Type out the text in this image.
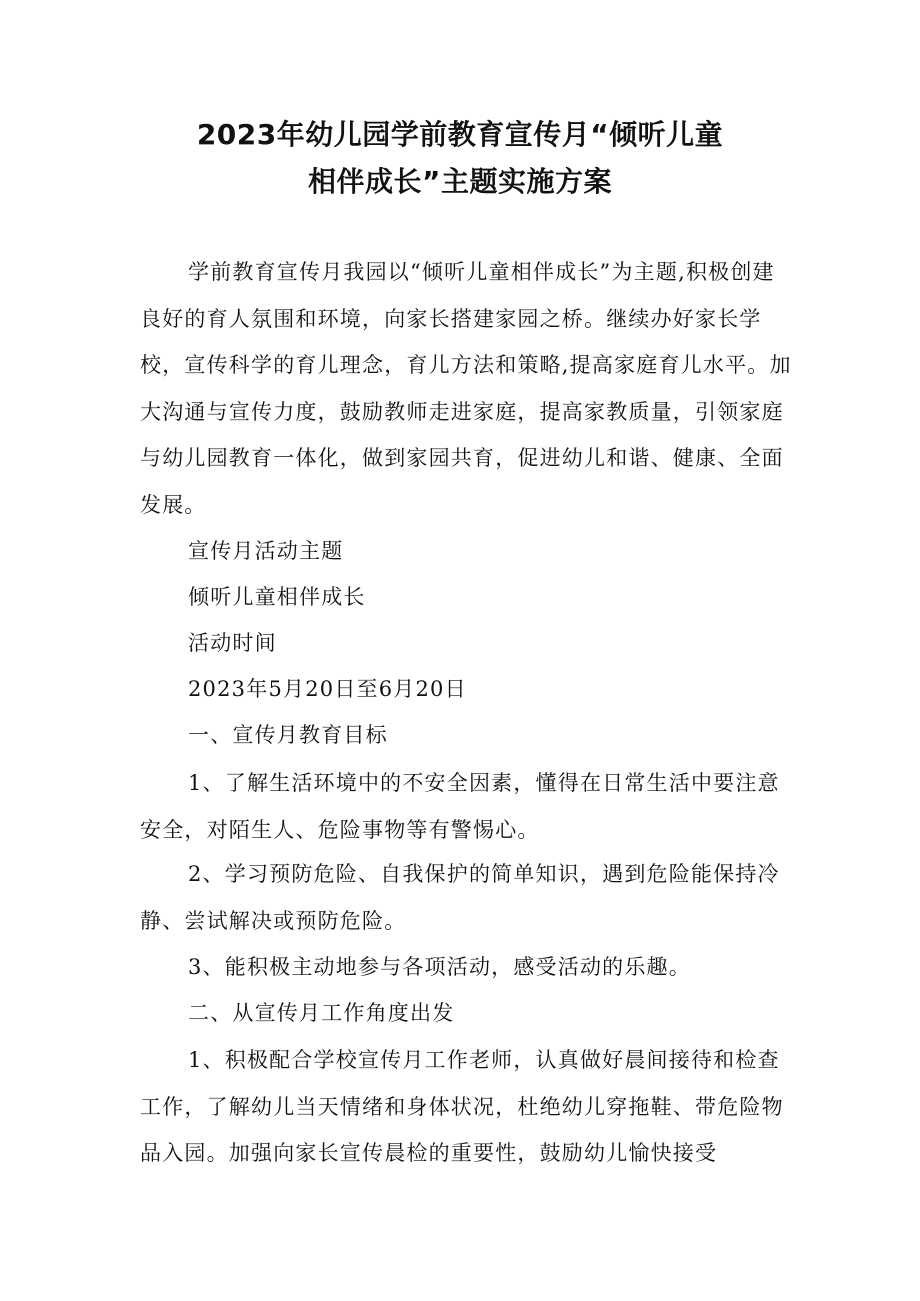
2023年幼儿园学前教育宣传月“倾听儿童
相伴成长”主题实施方案

学前教育宣传月我园以“倾听儿童相伴成长”为主题,积极创建良好的育人氛围和环境，向家长搭建家园之桥。继续办好家长学校，宣传科学的育儿理念，育儿方法和策略,提高家庭育儿水平。加大沟通与宣传力度，鼓励教师走进家庭，提高家教质量，引领家庭与幼儿园教育一体化，做到家园共育，促进幼儿和谐、健康、全面发展。

宣传月活动主题

倾听儿童相伴成长

活动时间

2023年5月20日至6月20日

一、宣传月教育目标

1、了解生活环境中的不安全因素，懂得在日常生活中要注意安全，对陌生人、危险事物等有警惕心。

2、学习预防危险、自我保护的简单知识，遇到危险能保持冷静、尝试解决或预防危险。

3、能积极主动地参与各项活动，感受活动的乐趣。

二、从宣传月工作角度出发

1、积极配合学校宣传月工作老师，认真做好晨间接待和检查工作，了解幼儿当天情绪和身体状况，杜绝幼儿穿拖鞋、带危险物品入园。加强向家长宣传晨检的重要性，鼓励幼儿愉快接受
